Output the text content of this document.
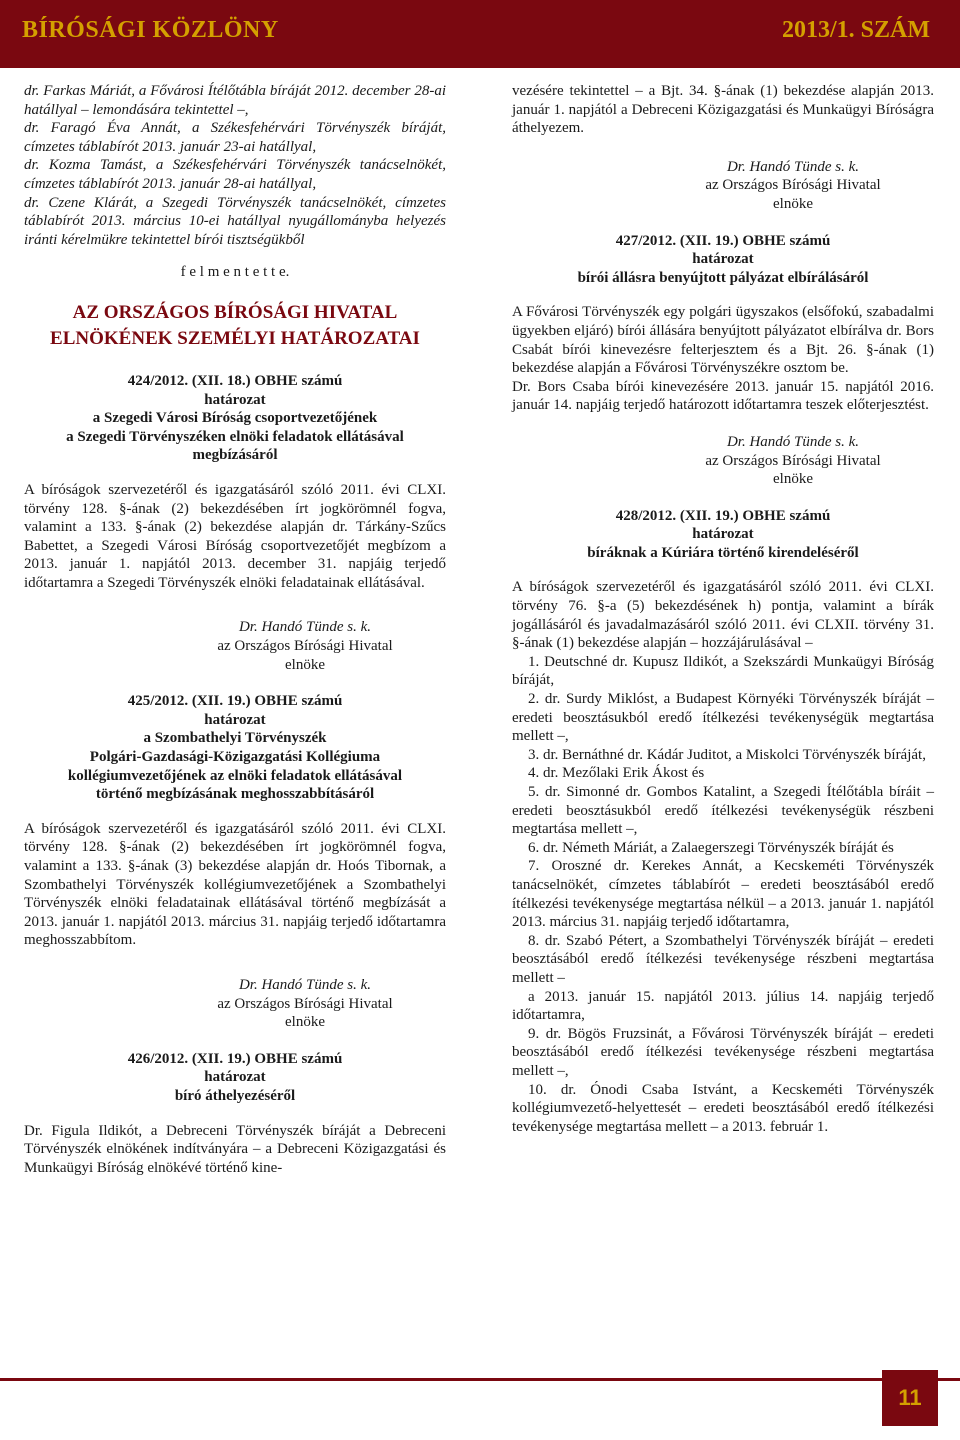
BÍRÓSÁGI KÖZLÖNY	2013/1. SZÁM

dr. Farkas Máriát, a Fővárosi Ítélőtábla bíráját 2012. december 28-ai hatállyal – lemondására tekintettel –,

dr. Faragó Éva Annát, a Székesfehérvári Törvényszék bíráját, címzetes táblabírót 2013. január 23-ai hatállyal,

dr. Kozma Tamást, a Székesfehérvári Törvényszék tanácselnökét, címzetes táblabírót 2013. január 28-ai hatállyal,

dr. Czene Klárát, a Szegedi Törvényszék tanácselnökét, címzetes táblabírót 2013. március 10-ei hatállyal nyugállományba helyezés iránti kérelmükre tekintettel bírói tisztségükből

f e l m e n t e t t e.

AZ ORSZÁGOS BÍRÓSÁGI HIVATAL

ELNÖKÉNEK SZEMÉLYI HATÁROZATAI

424/2012. (XII. 18.) OBHE számú

határozat

a Szegedi Városi Bíróság csoportvezetőjének

a Szegedi Törvényszéken elnöki feladatok ellátásával

megbízásáról

A bíróságok szervezetéről és igazgatásáról szóló 2011. évi CLXI. törvény 128. §-ának (2) bekezdésében írt jogkörömnél fogva, valamint a 133. §-ának (2) bekezdése alapján dr. Tárkány-Szűcs Babettet, a Szegedi Városi Bíróság csoportvezetőjét megbízom a 2013. január 1. napjától 2013. december 31. napjáig terjedő időtartamra a Szegedi Törvényszék elnöki feladatainak ellátásával.

Dr. Handó Tünde s. k.

az Országos Bírósági Hivatal

elnöke

425/2012. (XII. 19.) OBHE számú

határozat

a Szombathelyi Törvényszék

Polgári-Gazdasági-Közigazgatási Kollégiuma

kollégiumvezetőjének az elnöki feladatok ellátásával

történő megbízásának meghosszabbításáról

A bíróságok szervezetéről és igazgatásáról szóló 2011. évi CLXI. törvény 128. §-ának (2) bekezdésében írt jogkörömnél fogva, valamint a 133. §-ának (3) bekezdése alapján dr. Hoós Tibornak, a Szombathelyi Törvényszék kollégiumvezetőjének a Szombathelyi Törvényszék elnöki feladatainak ellátásával történő megbízását a 2013. január 1. napjától 2013. március 31. napjáig terjedő időtartamra meghosszabbítom.

Dr. Handó Tünde s. k.

az Országos Bírósági Hivatal

elnöke

426/2012. (XII. 19.) OBHE számú

határozat

bíró áthelyezéséről

Dr. Figula Ildikót, a Debreceni Törvényszék bíráját a Debreceni Törvényszék elnökének indítványára – a Debreceni Közigazgatási és Munkaügyi Bíróság elnökévé történő kine-

vezésére tekintettel – a Bjt. 34. §-ának (1) bekezdése alapján 2013. január 1. napjától a Debreceni Közigazgatási és Munkaügyi Bíróságra áthelyezem.

Dr. Handó Tünde s. k.

az Országos Bírósági Hivatal

elnöke

427/2012. (XII. 19.) OBHE számú

határozat

bírói állásra benyújtott pályázat elbírálásáról

A Fővárosi Törvényszék egy polgári ügyszakos (elsőfokú, szabadalmi ügyekben eljáró) bírói állására benyújtott pályázatot elbírálva dr. Bors Csabát bírói kinevezésre felterjesztem és a Bjt. 26. §-ának (1) bekezdése alapján a Fővárosi Törvényszékre osztom be.

Dr. Bors Csaba bírói kinevezésére 2013. január 15. napjától 2016. január 14. napjáig terjedő határozott időtartamra teszek előterjesztést.

Dr. Handó Tünde s. k.

az Országos Bírósági Hivatal

elnöke

428/2012. (XII. 19.) OBHE számú

határozat

bíráknak a Kúriára történő kirendeléséről

A bíróságok szervezetéről és igazgatásáról szóló 2011. évi CLXI. törvény 76. §-a (5) bekezdésének h) pontja, valamint a bírák jogállásáról és javadalmazásáról szóló 2011. évi CLXII. törvény 31. §-ának (1) bekezdése alapján – hozzájárulásával –

1. Deutschné dr. Kupusz Ildikót, a Szekszárdi Munkaügyi Bíróság bíráját,

2. dr. Surdy Miklóst, a Budapest Környéki Törvényszék bíráját – eredeti beosztásukból eredő ítélkezési tevékenységük megtartása mellett –,

3. dr. Bernáthné dr. Kádár Juditot, a Miskolci Törvényszék bíráját,

4. dr. Mezőlaki Erik Ákost és

5. dr. Simonné dr. Gombos Katalint, a Szegedi Ítélőtábla bíráit – eredeti beosztásukból eredő ítélkezési tevékenységük részbeni megtartása mellett –,

6. dr. Németh Máriát, a Zalaegerszegi Törvényszék bíráját és

7. Oroszné dr. Kerekes Annát, a Kecskeméti Törvényszék tanácselnökét, címzetes táblabírót – eredeti beosztásából eredő ítélkezési tevékenysége megtartása nélkül – a 2013. január 1. napjától 2013. március 31. napjáig terjedő időtartamra,

8. dr. Szabó Pétert, a Szombathelyi Törvényszék bíráját – eredeti beosztásából eredő ítélkezési tevékenysége részbeni megtartása mellett –

a 2013. január 15. napjától 2013. július 14. napjáig terjedő időtartamra,

9. dr. Bögös Fruzsinát, a Fővárosi Törvényszék bíráját – eredeti beosztásából eredő ítélkezési tevékenysége részbeni megtartása mellett –,

10. dr. Ónodi Csaba Istvánt, a Kecskeméti Törvényszék kollégiumvezető-helyettesét – eredeti beosztásából eredő ítélkezési tevékenysége megtartása mellett – a 2013. február 1.

11
